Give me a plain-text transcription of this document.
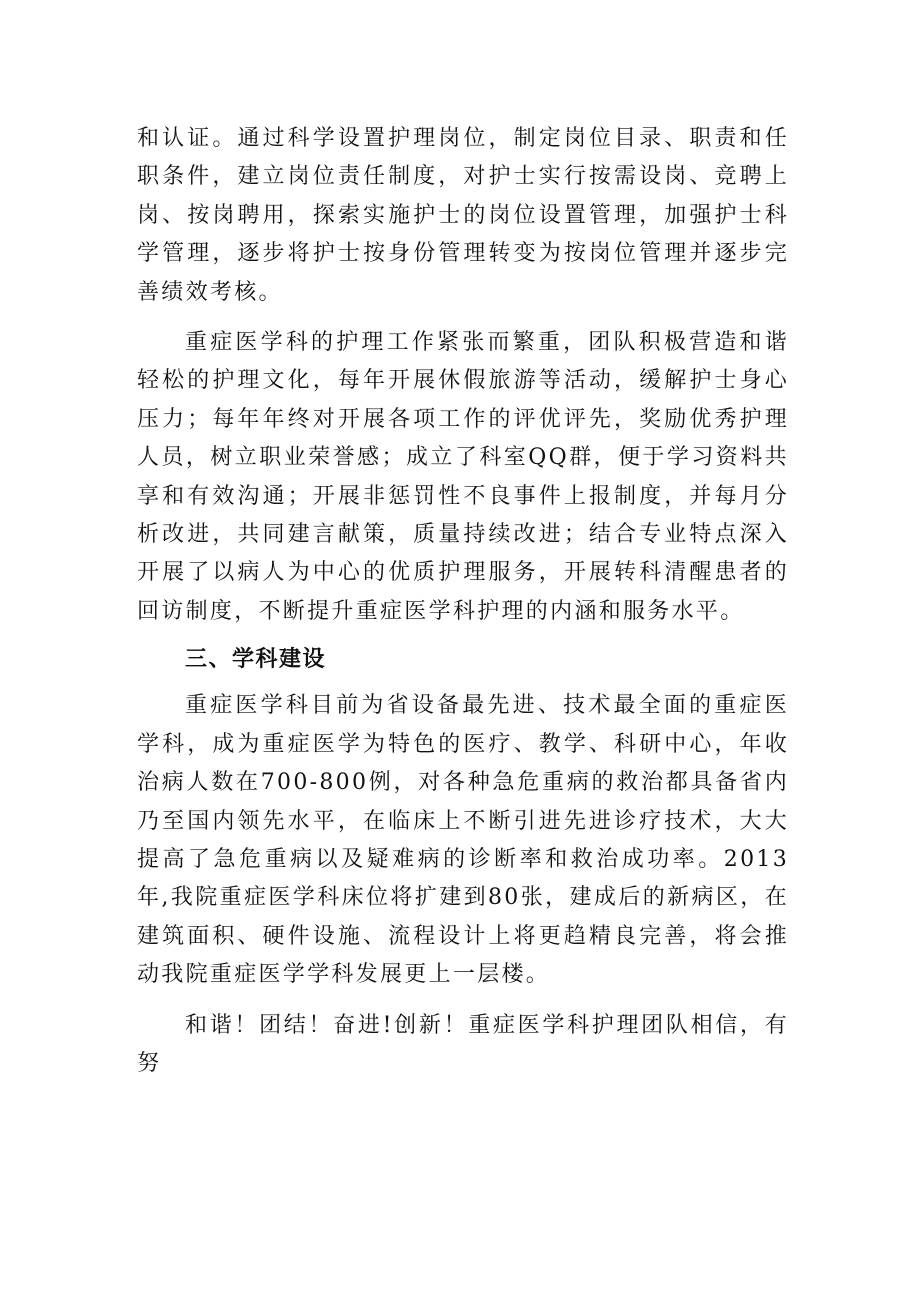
和认证。通过科学设置护理岗位，制定岗位目录、职责和任职条件，建立岗位责任制度，对护士实行按需设岗、竞聘上岗、按岗聘用，探索实施护士的岗位设置管理，加强护士科学管理，逐步将护士按身份管理转变为按岗位管理并逐步完善绩效考核。

重症医学科的护理工作紧张而繁重，团队积极营造和谐轻松的护理文化，每年开展休假旅游等活动，缓解护士身心压力；每年年终对开展各项工作的评优评先，奖励优秀护理人员，树立职业荣誉感；成立了科室QQ群，便于学习资料共享和有效沟通；开展非惩罚性不良事件上报制度，并每月分析改进，共同建言献策，质量持续改进；结合专业特点深入开展了以病人为中心的优质护理服务，开展转科清醒患者的回访制度，不断提升重症医学科护理的内涵和服务水平。

三、学科建设

重症医学科目前为省设备最先进、技术最全面的重症医学科，成为重症医学为特色的医疗、教学、科研中心，年收治病人数在700-800例，对各种急危重病的救治都具备省内乃至国内领先水平，在临床上不断引进先进诊疗技术，大大提高了急危重病以及疑难病的诊断率和救治成功率。2013年,我院重症医学科床位将扩建到80张，建成后的新病区，在建筑面积、硬件设施、流程设计上将更趋精良完善，将会推动我院重症医学学科发展更上一层楼。

和谐！团结！奋进!创新！重症医学科护理团队相信，有努
